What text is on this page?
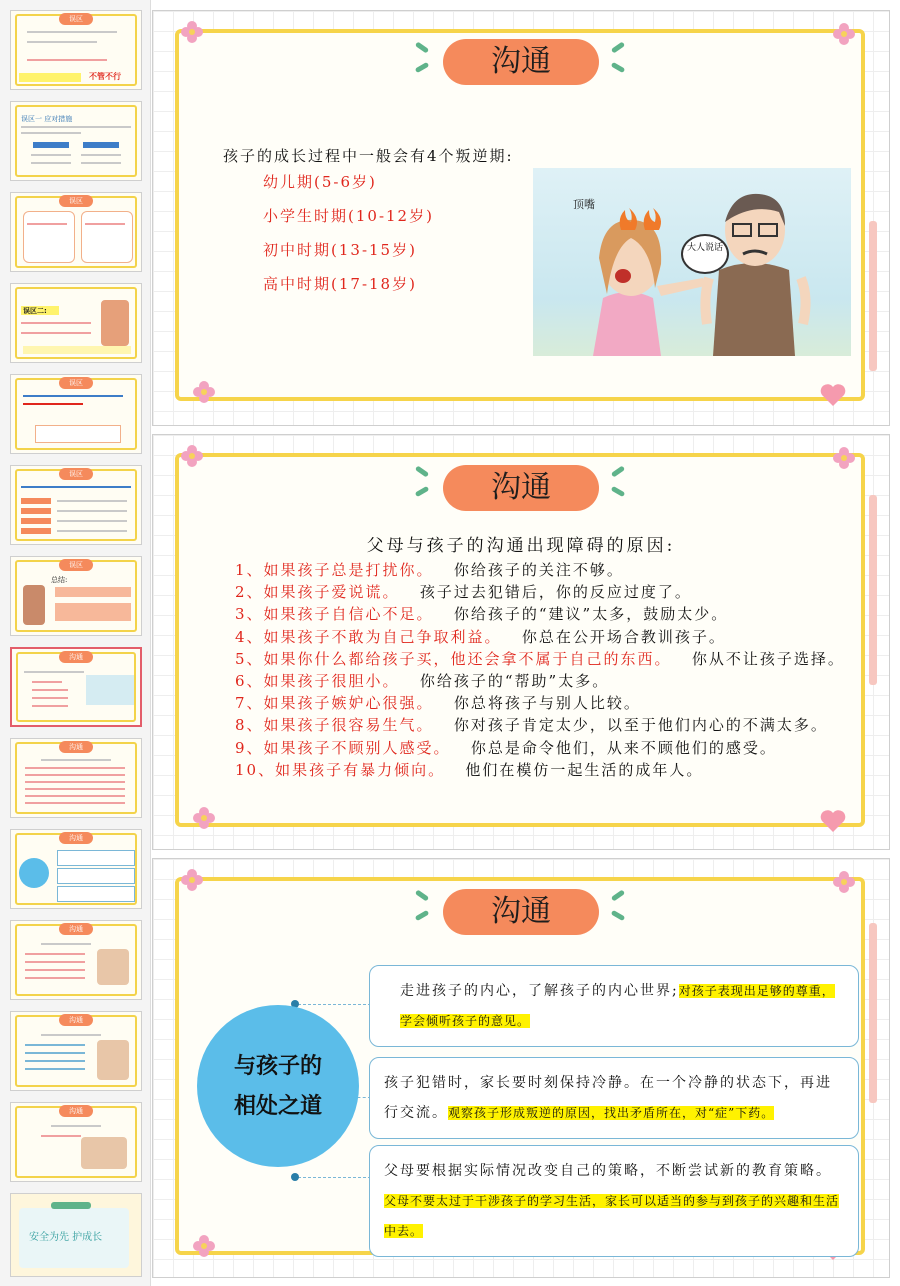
误区
不管不行
误区一 应对措施
误区
误区二:
误区
误区
误区
总结:
沟通
沟通
沟通
沟通
沟通
沟通
安全为先 护成长
沟通
孩子的成长过程中一般会有4个叛逆期:
幼儿期(5-6岁)
小学生时期(10-12岁)
初中时期(13-15岁)
高中时期(17-18岁)
顶嘴
大人说话
沟通
父母与孩子的沟通出现障碍的原因:
1、如果孩子总是打扰你。 你给孩子的关注不够。
2、如果孩子爱说谎。 孩子过去犯错后，你的反应过度了。
3、如果孩子自信心不足。 你给孩子的“建议”太多，鼓励太少。
4、如果孩子不敢为自己争取利益。 你总在公开场合教训孩子。
5、如果你什么都给孩子买，他还会拿不属于自己的东西。 你从不让孩子选择。
6、如果孩子很胆小。 你给孩子的“帮助”太多。
7、如果孩子嫉妒心很强。 你总将孩子与别人比较。
8、如果孩子很容易生气。 你对孩子肯定太少，以至于他们内心的不满太多。
9、如果孩子不顾别人感受。 你总是命令他们，从来不顾他们的感受。
10、如果孩子有暴力倾向。 他们在模仿一起生活的成年人。
沟通
与孩子的
相处之道
走进孩子的内心，了解孩子的内心世界;对孩子表现出足够的尊重，学会倾听孩子的意见。
孩子犯错时，家长要时刻保持冷静。在一个冷静的状态下，再进行交流。观察孩子形成叛逆的原因，找出矛盾所在，对“症”下药。
父母要根据实际情况改变自己的策略，不断尝试新的教育策略。父母不要太过于干涉孩子的学习生活，家长可以适当的参与到孩子的兴趣和生活中去。
